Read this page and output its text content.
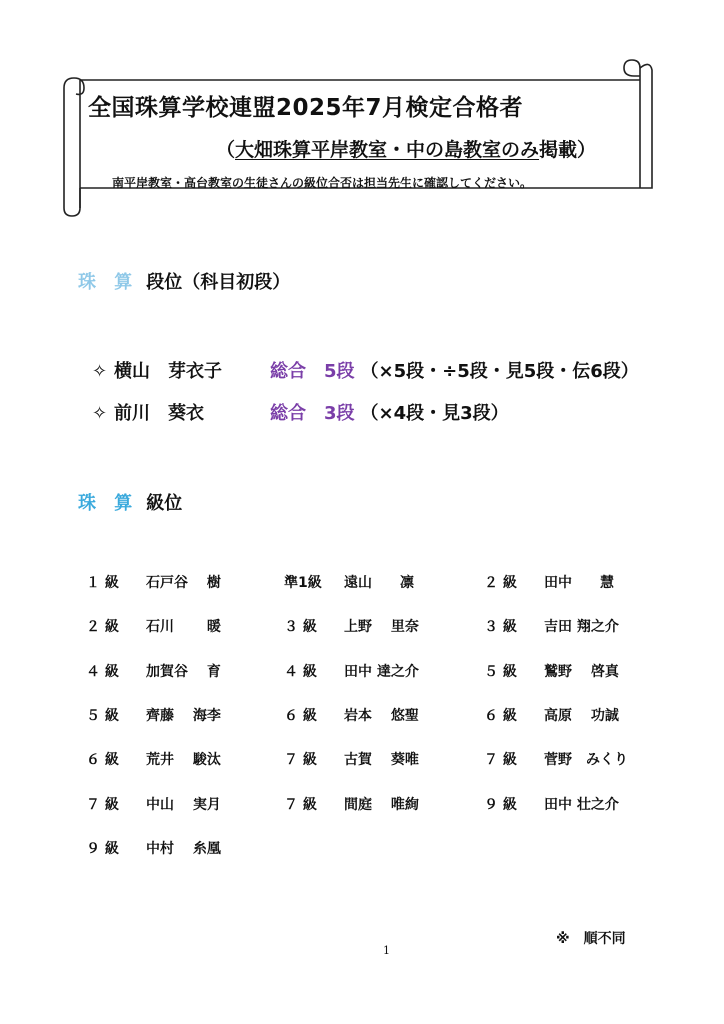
全国珠算学校連盟2025年7月検定合格者
（大畑珠算平岸教室・中の島教室のみ掲載）
南平岸教室・高台教室の生徒さんの級位合否は担当先生に確認してください。
珠 算 段位（科目初段）
✧ 横山　芽衣子	総合　5段 （×5段・÷5段・見5段・伝6段）
✧ 前川　葵衣	総合　3段 （×4段・見3段）
珠 算 級位
１ 級 石戸谷　 樹	準1級 遠山　　凛	２ 級 田中　　慧
２ 級 石川　　 暖	３ 級 上野　 里奈	３ 級 吉田 翔之介
４ 級 加賀谷　 育	４ 級 田中 達之介	５ 級 鷲野　 啓真
５ 級 齊藤　 海李	６ 級 岩本　 悠聖	６ 級 高原　 功誠
６ 級 荒井　 駿汰	７ 級 古賀　 葵唯	７ 級 菅野　みくり
７ 級 中山　 実月	７ 級 間庭　 唯絢	９ 級 田中 壮之介
９ 級 中村　 糸凰
※　順不同
1
